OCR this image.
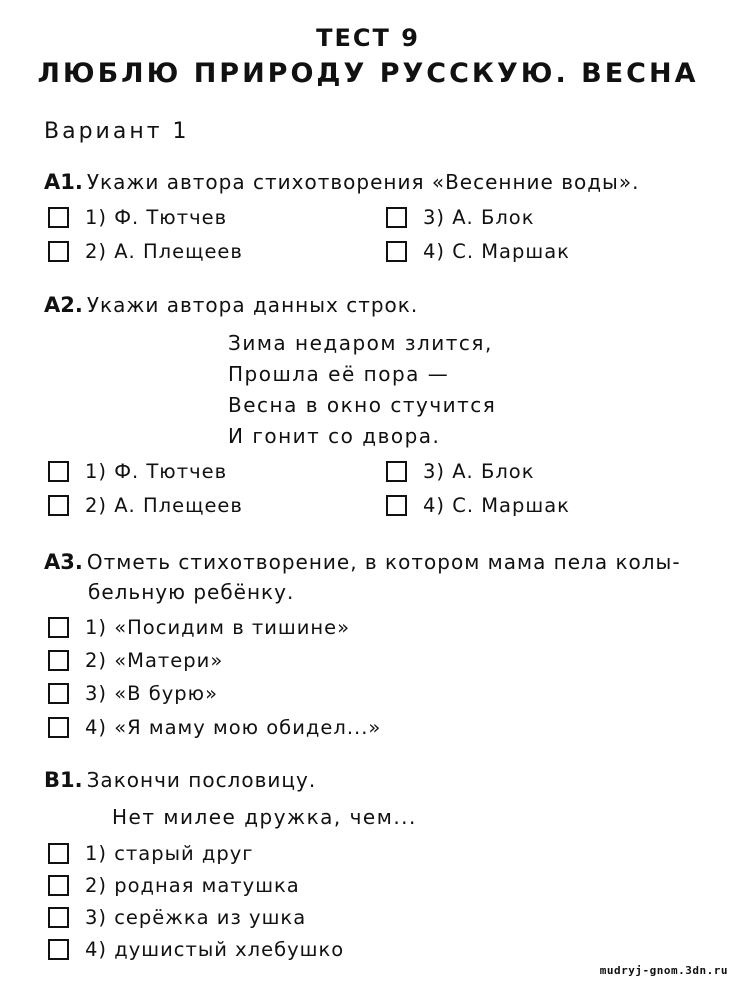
ТЕСТ 9
ЛЮБЛЮ ПРИРОДУ РУССКУЮ. ВЕСНА
Вариант 1
A1. Укажи автора стихотворения «Весенние воды».
1) Ф. Тютчев
2) А. Плещеев
3) А. Блок
4) С. Маршак
A2. Укажи автора данных строк.
Зима недаром злится,
Прошла её пора —
Весна в окно стучится
И гонит со двора.
1) Ф. Тютчев
2) А. Плещеев
3) А. Блок
4) С. Маршак
A3. Отметь стихотворение, в котором мама пела колы-
бельную ребёнку.
1) «Посидим в тишине»
2) «Матери»
3) «В бурю»
4) «Я маму мою обидел...»
B1. Закончи пословицу.
Нет милее дружка, чем...
1) старый друг
2) родная матушка
3) серёжка из ушка
4) душистый хлебушко
mudryj-gnom.3dn.ru
